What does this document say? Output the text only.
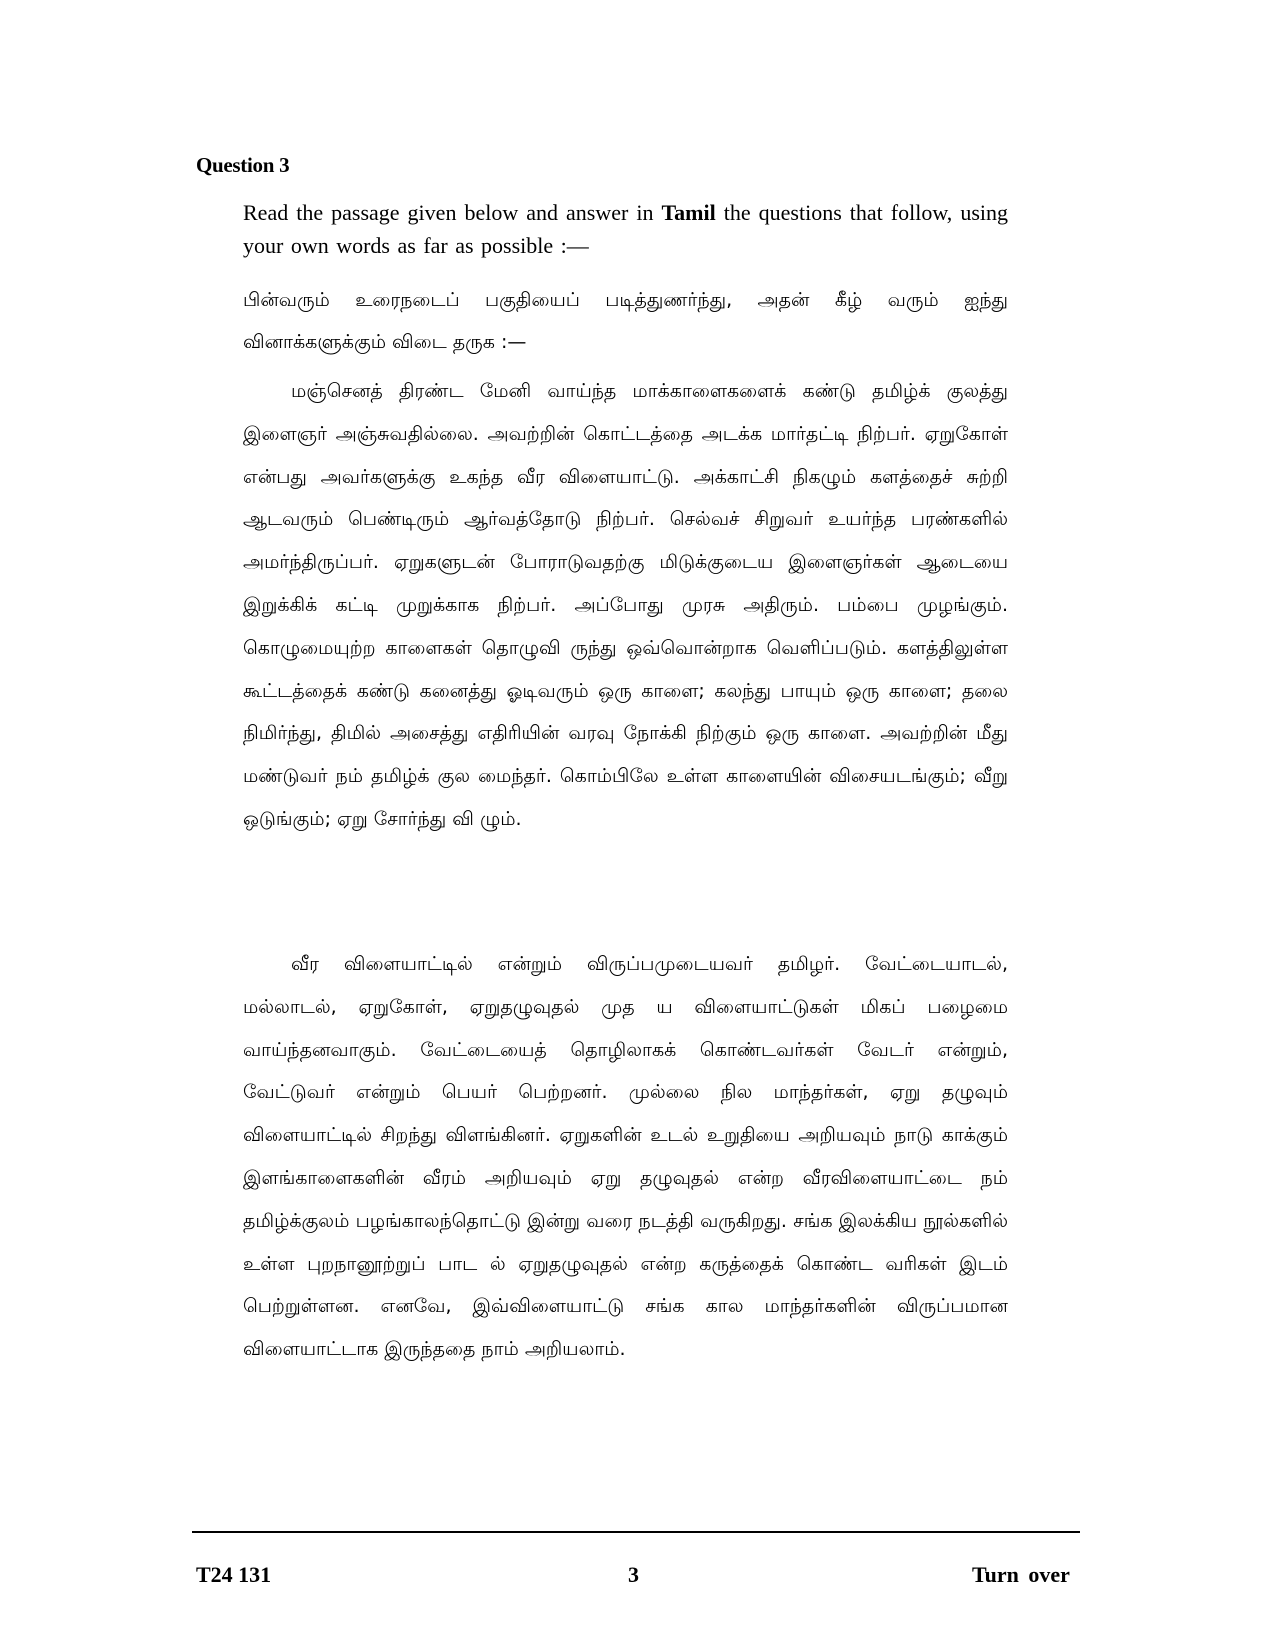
Question 3
Read the passage given below and answer in Tamil the questions that follow, using your own words as far as possible :—
பின்வரும் உரைநடைப் பகுதியைப் படித்துணர்ந்து, அதன் கீழ் வரும் ஐந்து வினாக்களுக்கும் விடை தருக :—
மஞ்செனத் திரண்ட மேனி வாய்ந்த மாக்காளைகளைக் கண்டு தமிழ்க் குலத்து இளைஞர் அஞ்சுவதில்லை. அவற்றின் கொட்டத்தை அடக்க மார்தட்டி நிற்பர். ஏறுகோள் என்பது அவர்களுக்கு உகந்த வீர விளையாட்டு. அக்காட்சி நிகழும் களத்தைச் சுற்றி ஆடவரும் பெண்டிரும் ஆர்வத்தோடு நிற்பர். செல்வச் சிறுவர் உயர்ந்த பரண்களில் அமர்ந்திருப்பர். ஏறுகளுடன் போராடுவதற்கு மிடுக்குடைய இளைஞர்கள் ஆடையை இறுக்கிக் கட்டி முறுக்காக நிற்பர். அப்போது முரசு அதிரும். பம்பை முழங்கும். கொழுமையுற்ற காளைகள் தொழுவி ருந்து ஒவ்வொன்றாக வெளிப்படும். களத்திலுள்ள கூட்டத்தைக் கண்டு கனைத்து ஓடிவரும் ஒரு காளை; கலந்து பாயும் ஒரு காளை; தலை நிமிர்ந்து, திமில் அசைத்து எதிரியின் வரவு நோக்கி நிற்கும் ஒரு காளை. அவற்றின் மீது மண்டுவர் நம் தமிழ்க் குல மைந்தர். கொம்பிலே உள்ள காளையின் விசையடங்கும்; வீறு ஒடுங்கும்; ஏறு சோர்ந்து வி ழும்.
வீர விளையாட்டில் என்றும் விருப்பமுடையவர் தமிழர். வேட்டையாடல், மல்லாடல், ஏறுகோள், ஏறுதழுவுதல் முத ய விளையாட்டுகள் மிகப் பழைமை வாய்ந்தனவாகும். வேட்டையைத் தொழிலாகக் கொண்டவர்கள் வேடர் என்றும், வேட்டுவர் என்றும் பெயர் பெற்றனர். முல்லை நில மாந்தர்கள், ஏறு தழுவும் விளையாட்டில் சிறந்து விளங்கினர். ஏறுகளின் உடல் உறுதியை அறியவும் நாடு காக்கும் இளங்காளைகளின் வீரம் அறியவும் ஏறு தழுவுதல் என்ற வீரவிளையாட்டை நம் தமிழ்க்குலம் பழங்காலந்தொட்டு இன்று வரை நடத்தி வருகிறது. சங்க இலக்கிய நூல்களில் உள்ள புறநானூற்றுப் பாட ல் ஏறுதழுவுதல் என்ற கருத்தைக் கொண்ட வரிகள் இடம் பெற்றுள்ளன. எனவே, இவ்விளையாட்டு சங்க கால மாந்தர்களின் விருப்பமான விளையாட்டாக இருந்ததை நாம் அறியலாம்.
T24 131	3	Turn over
